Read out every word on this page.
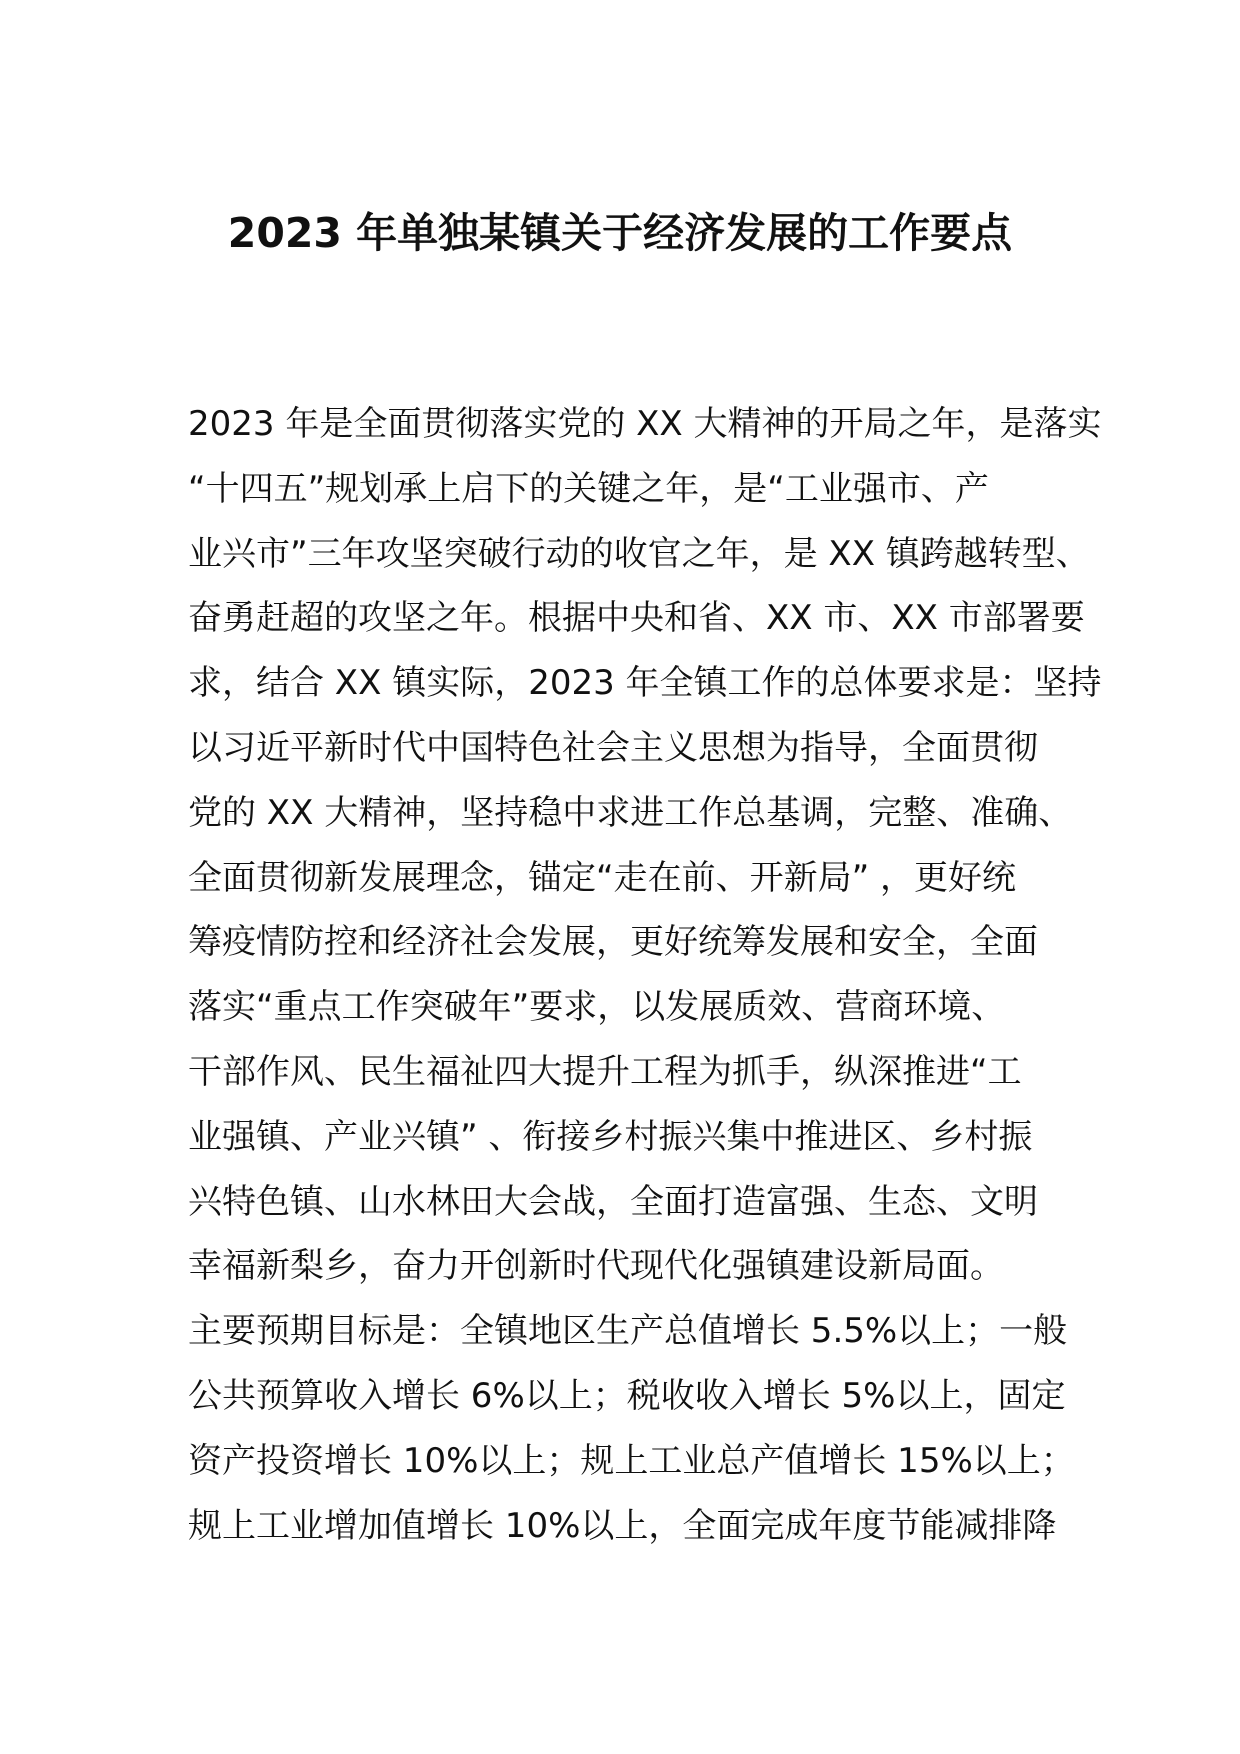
2023 年单独某镇关于经济发展的工作要点
2023 年是全面贯彻落实党的 XX 大精神的开局之年，是落实
“十四五”规划承上启下的关键之年，是“工业强市、产
业兴市”三年攻坚突破行动的收官之年，是 XX 镇跨越转型、
奋勇赶超的攻坚之年。根据中央和省、XX 市、XX 市部署要
求，结合 XX 镇实际，2023 年全镇工作的总体要求是：坚持
以习近平新时代中国特色社会主义思想为指导，全面贯彻
党的 XX 大精神，坚持稳中求进工作总基调，完整、准确、
全面贯彻新发展理念，锚定“走在前、开新局” ，更好统
筹疫情防控和经济社会发展，更好统筹发展和安全，全面
落实“重点工作突破年”要求，以发展质效、营商环境、
干部作风、民生福祉四大提升工程为抓手，纵深推进“工
业强镇、产业兴镇” 、衔接乡村振兴集中推进区、乡村振
兴特色镇、山水林田大会战，全面打造富强、生态、文明
幸福新梨乡，奋力开创新时代现代化强镇建设新局面。
主要预期目标是：全镇地区生产总值增长 5.5%以上；一般
公共预算收入增长 6%以上；税收收入增长 5%以上，固定
资产投资增长 10%以上；规上工业总产值增长 15%以上；
规上工业增加值增长 10%以上，全面完成年度节能减排降
